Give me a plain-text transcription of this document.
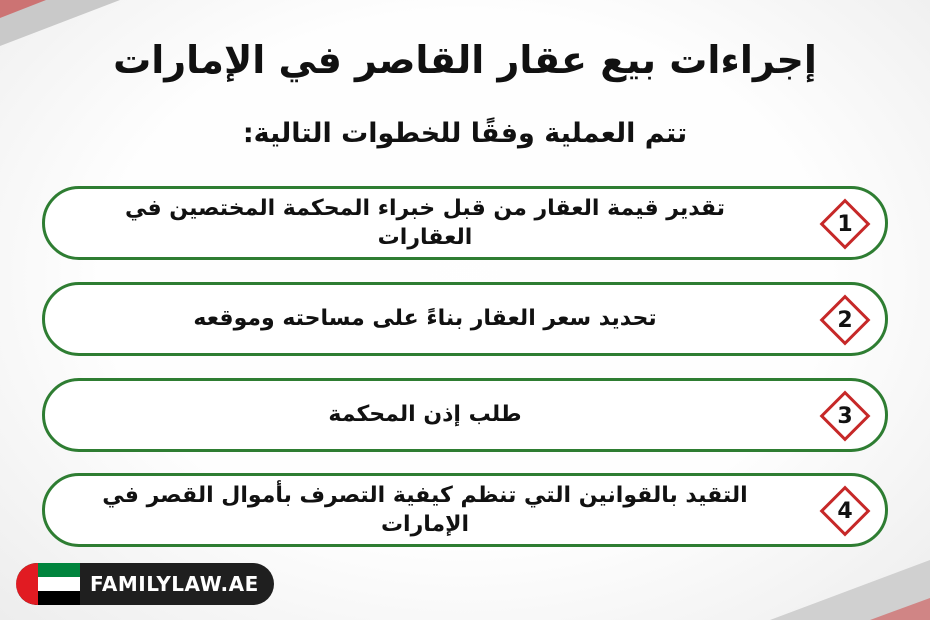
إجراءات بيع عقار القاصر في الإمارات
تتم العملية وفقًا للخطوات التالية:
تقدير قيمة العقار من قبل خبراء المحكمة المختصين في العقارات
1
تحديد سعر العقار بناءً على مساحته وموقعه	2
طلب إذن المحكمة	3
التقيد بالقوانين التي تنظم كيفية التصرف بأموال القصر في الإمارات
4
FAMILYLAW.AE
